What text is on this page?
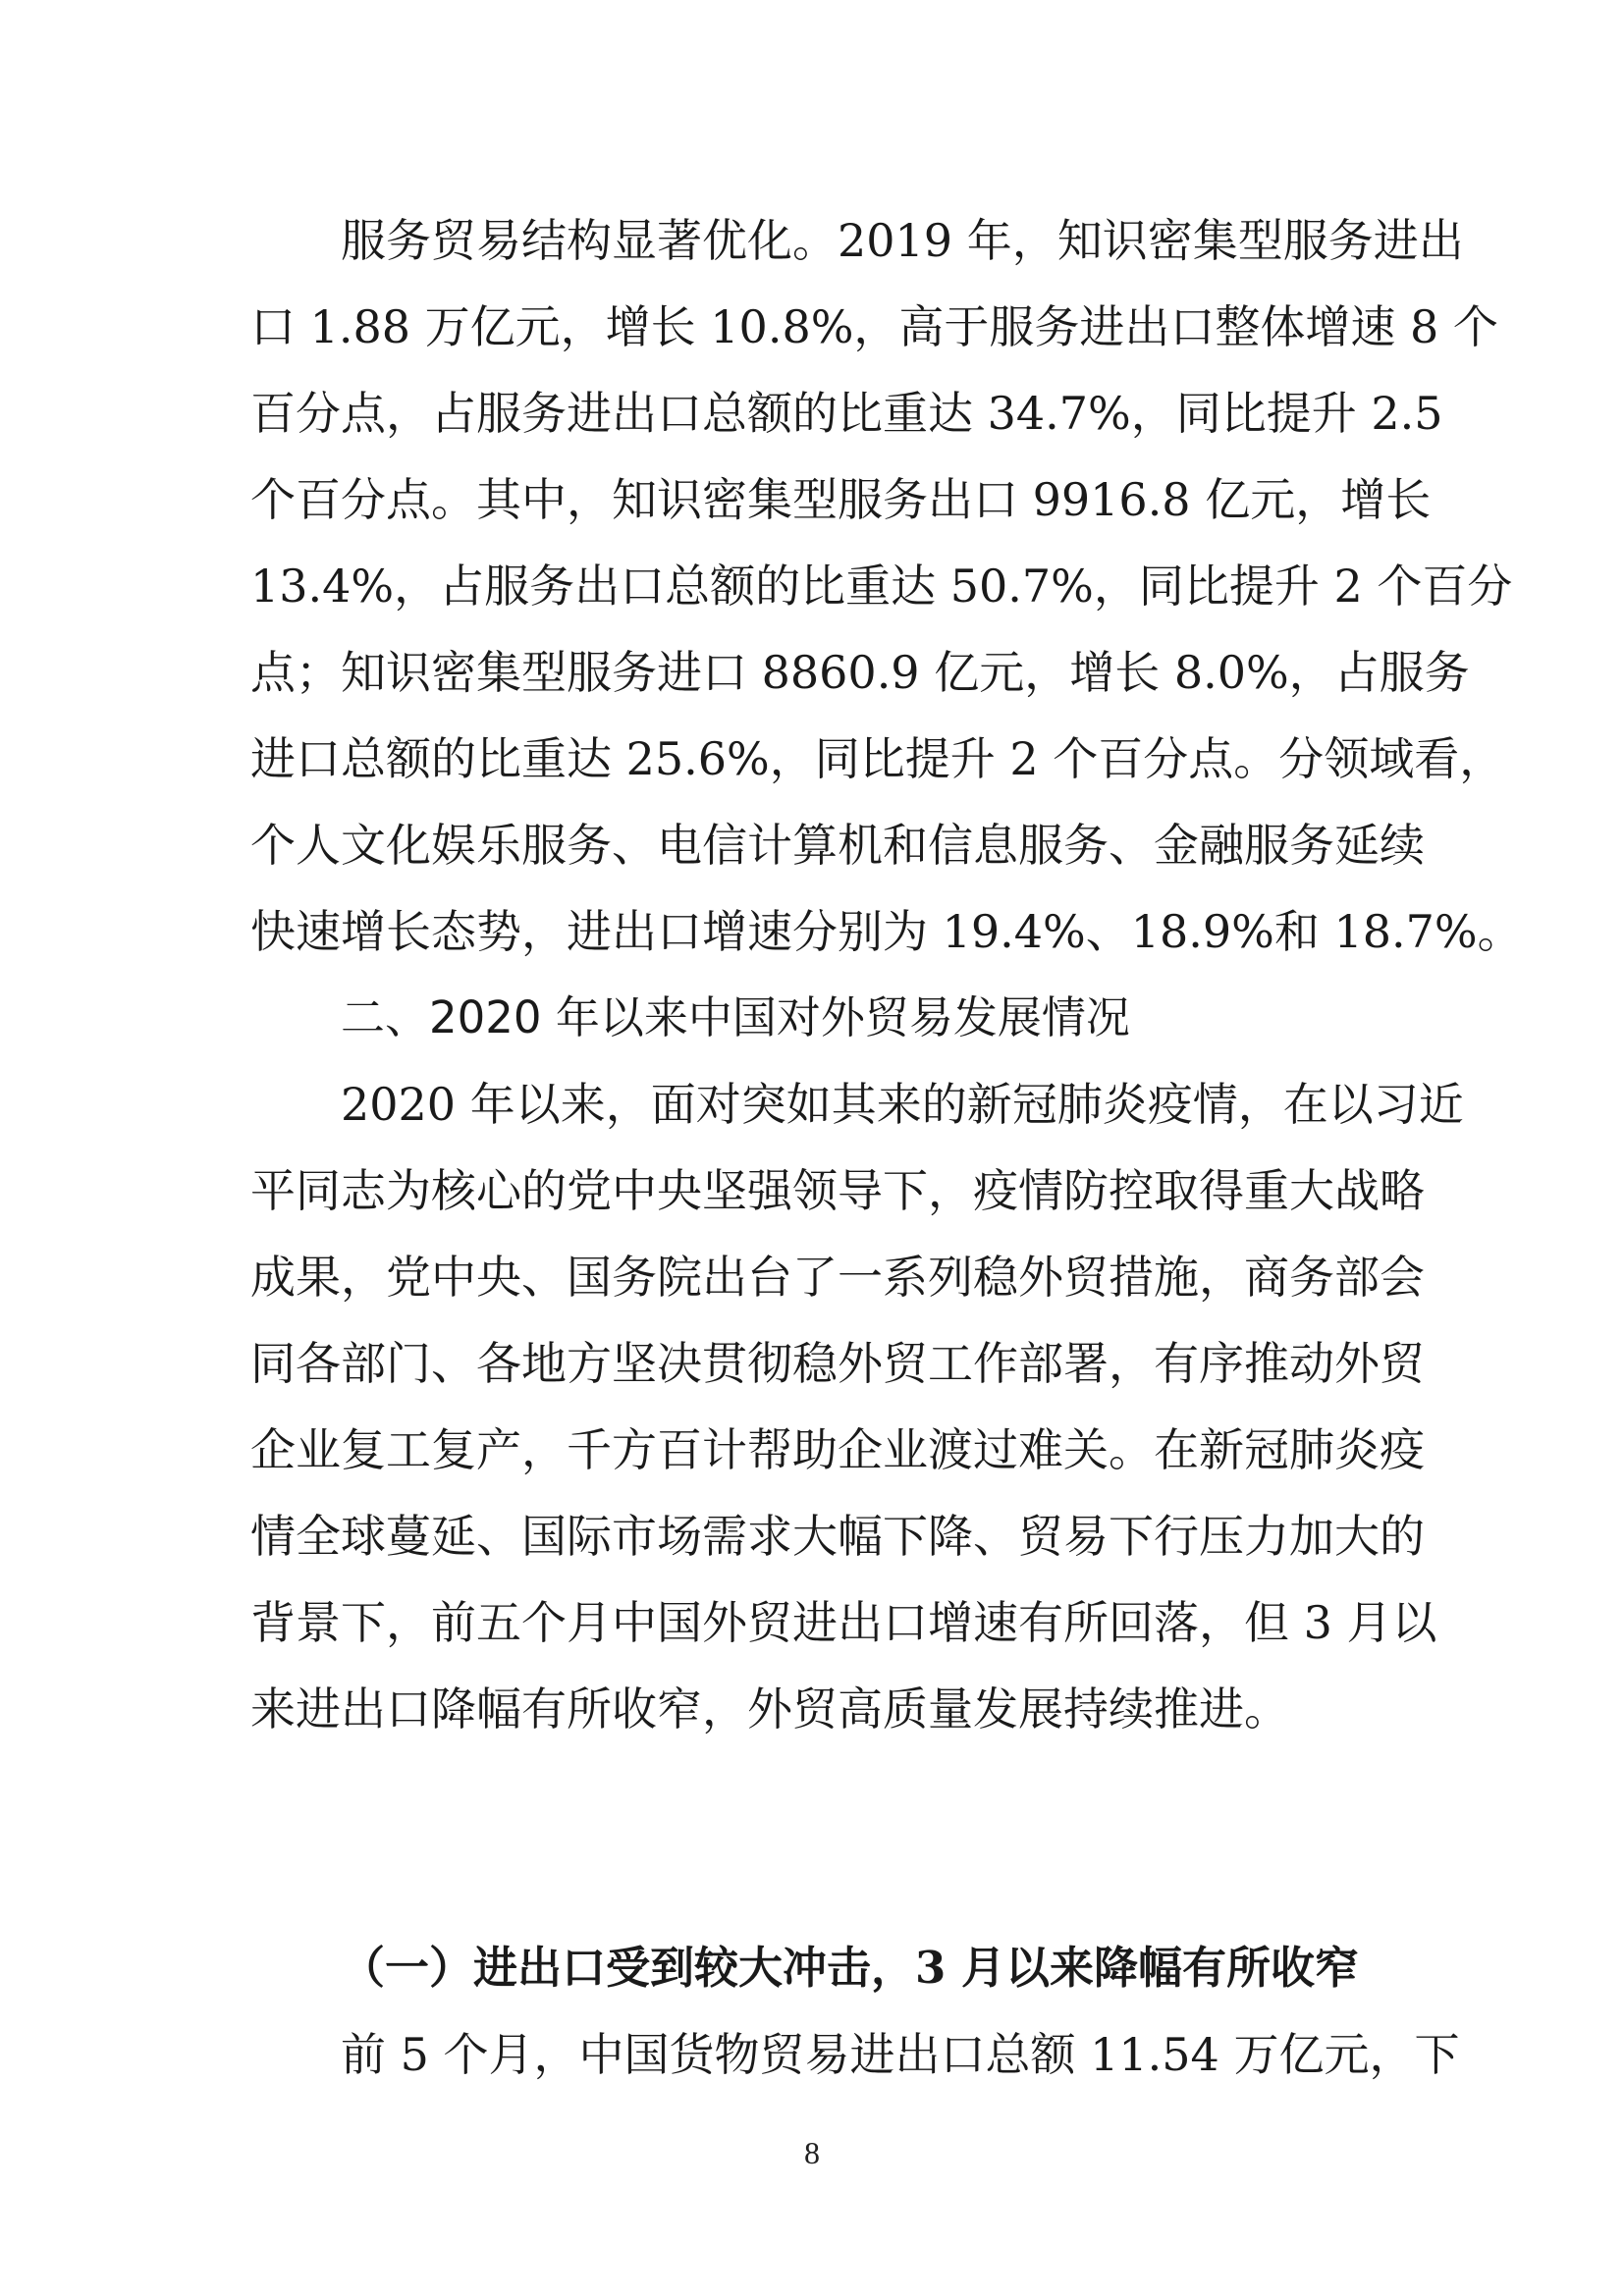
服务贸易结构显著优化。2019 年，知识密集型服务进出
口 1.88 万亿元，增长 10.8%，高于服务进出口整体增速 8 个
百分点，占服务进出口总额的比重达 34.7%，同比提升 2.5
个百分点。其中，知识密集型服务出口 9916.8 亿元，增长
13.4%，占服务出口总额的比重达 50.7%，同比提升 2 个百分
点；知识密集型服务进口 8860.9 亿元，增长 8.0%，占服务
进口总额的比重达 25.6%，同比提升 2 个百分点。分领域看，
个人文化娱乐服务、电信计算机和信息服务、金融服务延续
快速增长态势，进出口增速分别为 19.4%、18.9%和 18.7%。
二、2020 年以来中国对外贸易发展情况
2020 年以来，面对突如其来的新冠肺炎疫情，在以习近
平同志为核心的党中央坚强领导下，疫情防控取得重大战略
成果，党中央、国务院出台了一系列稳外贸措施，商务部会
同各部门、各地方坚决贯彻稳外贸工作部署，有序推动外贸
企业复工复产，千方百计帮助企业渡过难关。在新冠肺炎疫
情全球蔓延、国际市场需求大幅下降、贸易下行压力加大的
背景下，前五个月中国外贸进出口增速有所回落，但 3 月以
来进出口降幅有所收窄，外贸高质量发展持续推进。
（一）进出口受到较大冲击，3 月以来降幅有所收窄
前 5 个月，中国货物贸易进出口总额 11.54 万亿元，下
8
